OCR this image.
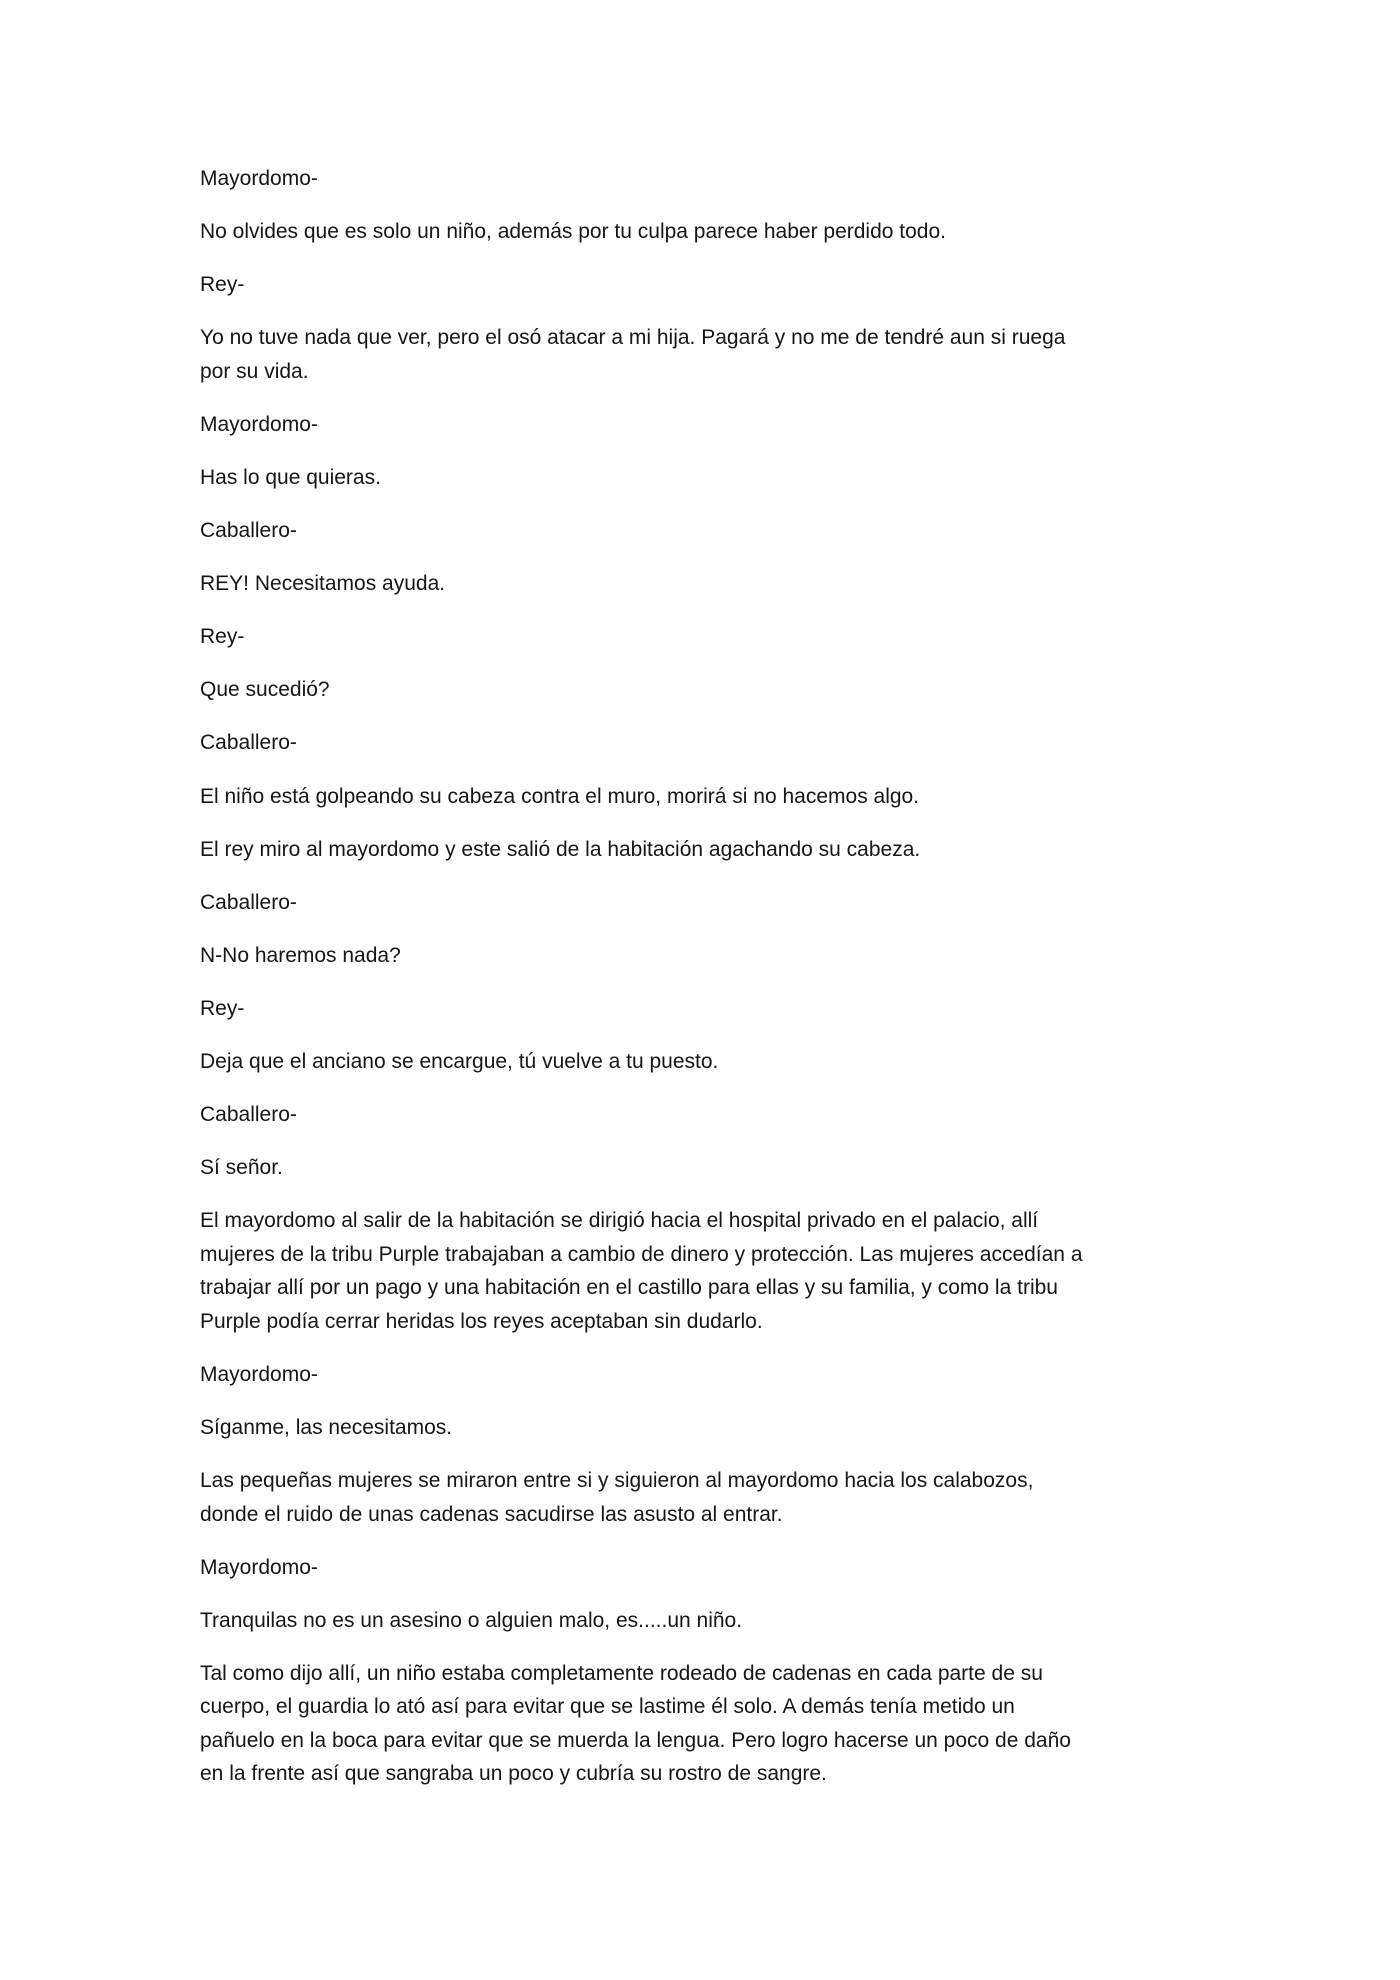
Mayordomo-

No olvides que es solo un niño, además por tu culpa parece haber perdido todo.

Rey-

Yo no tuve nada que ver, pero el osó atacar a mi hija. Pagará y no me de tendré aun si ruega
por su vida.

Mayordomo-

Has lo que quieras.

Caballero-

REY! Necesitamos ayuda.

Rey-

Que sucedió?

Caballero-

El niño está golpeando su cabeza contra el muro, morirá si no hacemos algo.

El rey miro al mayordomo y este salió de la habitación agachando su cabeza.

Caballero-

N-No haremos nada?

Rey-

Deja que el anciano se encargue, tú vuelve a tu puesto.

Caballero-

Sí señor.

El mayordomo al salir de la habitación se dirigió hacia el hospital privado en el palacio, allí
mujeres de la tribu Purple trabajaban a cambio de dinero y protección. Las mujeres accedían a
trabajar allí por un pago y una habitación en el castillo para ellas y su familia, y como la tribu
Purple podía cerrar heridas los reyes aceptaban sin dudarlo.

Mayordomo-

Síganme, las necesitamos.

Las pequeñas mujeres se miraron entre si y siguieron al mayordomo hacia los calabozos,
donde el ruido de unas cadenas sacudirse las asusto al entrar.

Mayordomo-

Tranquilas no es un asesino o alguien malo, es.....un niño.

Tal como dijo allí, un niño estaba completamente rodeado de cadenas en cada parte de su
cuerpo, el guardia lo ató así para evitar que se lastime él solo. A demás tenía metido un
pañuelo en la boca para evitar que se muerda la lengua. Pero logro hacerse un poco de daño
en la frente así que sangraba un poco y cubría su rostro de sangre.
